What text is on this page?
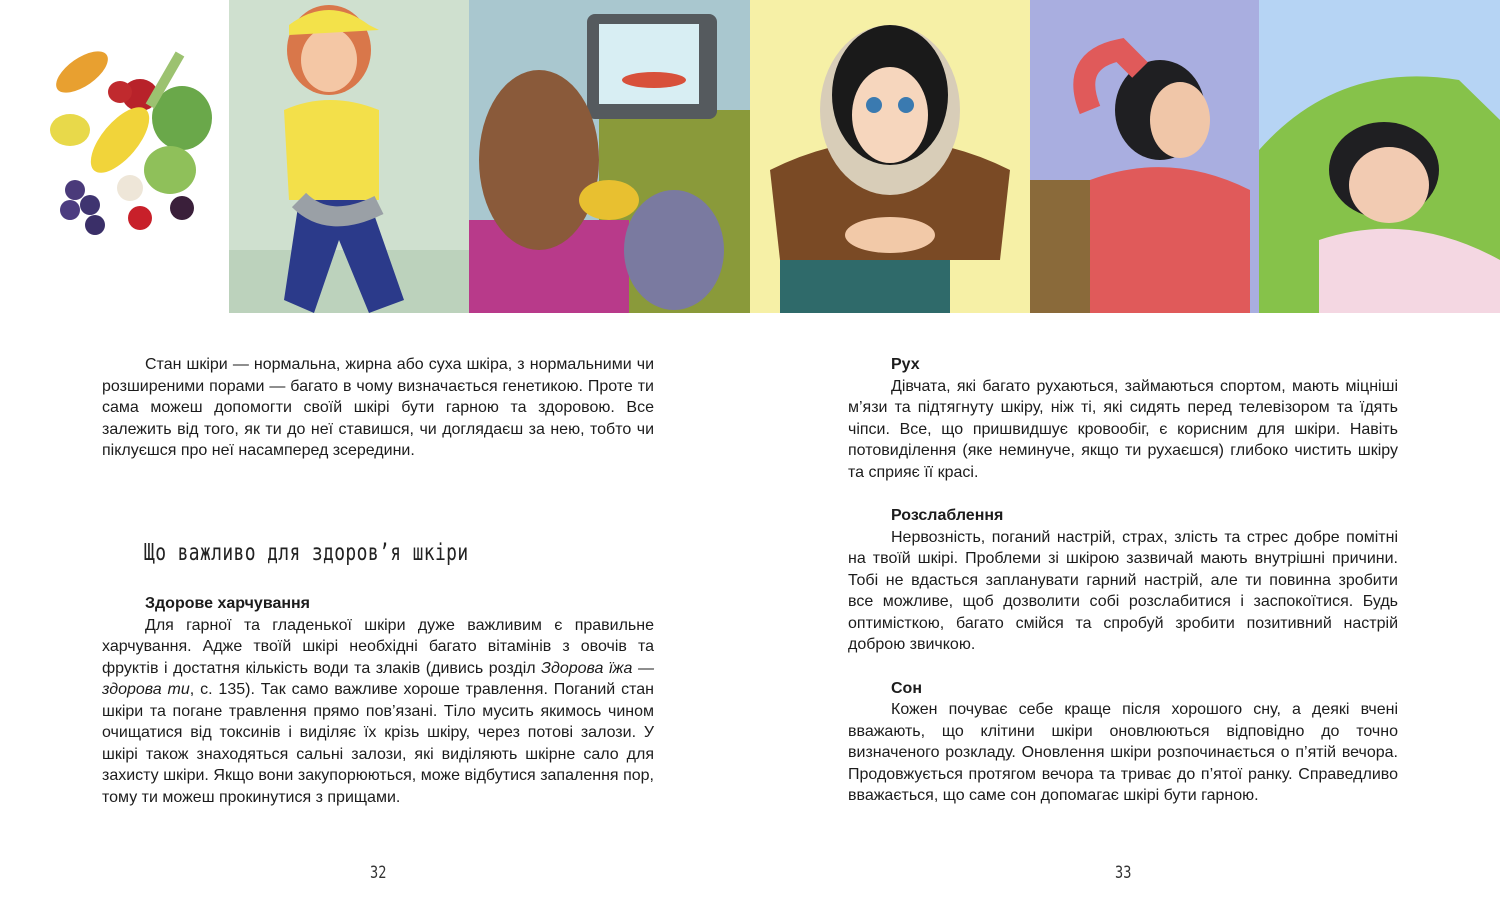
Стан шкіри — нормальна, жирна або суха шкіра, з нормальними чи розширеними порами — багато в чому визначається генетикою. Проте ти сама можеш допомогти своїй шкірі бути гарною та здоровою. Все залежить від того, як ти до неї ставишся, чи доглядаєш за нею, тобто чи піклуєшся про неї насамперед зсередини.

Що важливо для здоров’я шкіри

Здорове харчування

Для гарної та гладенької шкіри дуже важливим є правильне харчування. Адже твоїй шкірі необхідні багато вітамінів з овочів та фруктів і достатня кількість води та злаків (дивись розділ Здорова їжа — здорова ти, с. 135). Так само важливе хороше травлення. Поганий стан шкіри та погане травлення прямо пов’язані. Тіло мусить якимось чином очищатися від токсинів і виділяє їх крізь шкіру, через потові залози. У шкірі також знаходяться сальні залози, які виділяють шкірне сало для захисту шкіри. Якщо вони закупорюються, може відбутися запалення пор, тому ти можеш прокинутися з прищами.

Рух

Дівчата, які багато рухаються, займаються спортом, мають міцніші м’язи та підтягнуту шкіру, ніж ті, які сидять перед телевізором та їдять чіпси. Все, що пришвидшує кровообіг, є корисним для шкіри. Навіть потовиділення (яке неминуче, якщо ти рухаєшся) глибоко чистить шкіру та сприяє її красі.

Розслаблення

Нервозність, поганий настрій, страх, злість та стрес добре помітні на твоїй шкірі. Проблеми зі шкірою зазвичай мають внутрішні причини. Тобі не вдасться запланувати гарний настрій, але ти повинна зробити все можливе, щоб дозволити собі розслабитися і заспокоїтися. Будь оптимісткою, багато смійся та спробуй зробити позитивний настрій доброю звичкою.

Сон

Кожен почуває себе краще після хорошого сну, а деякі вчені вважають, що клітини шкіри оновлюються відповідно до точно визначеного розкладу. Оновлення шкіри розпочинається о п’ятій вечора. Продовжується протягом вечора та триває до п’ятої ранку. Справедливо вважається, що саме сон допомагає шкірі бути гарною.

32	33
